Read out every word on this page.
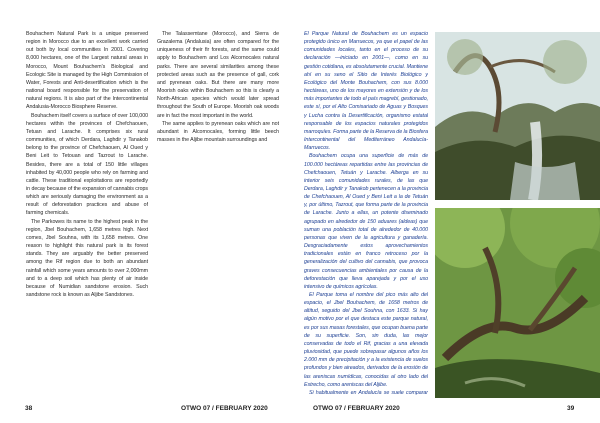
Bouhachem Natural Park is a unique preserved region in Morocco due to an excellent work carried out both by local communities In 2001. Covering 8,000 hectares, one of the Largest natural areas in Morocco, Mount Bouhachem's Biological and Ecologic Site is managed by the High Commission of Water, Forests and Anti-desertification which is the national board responsible for the preservation of natural regions. It is also part of the Intercontinental Andalusia-Morocco Biosphere Reserve.

Bouhachem itself covers a surface of over 100,000 hectares within the provinces of Chefchaouen, Tetuan and Larache. It comprises six rural communities, of which Derdara, Laghdir y Tanakob belong to the province of Chefchaouen, Al Oued y Beni Leit to Tetouan and Tazrout to Larache. Besides, there are a total of 150 little villages inhabited by 40,000 people who rely on farming and cattle. These traditional exploitations are reportedly in decay because of the expansion of cannabis crops which are seriously damaging the environment as a result of deforestation practices and abuse of farming chemicals.

The Parkowes its name to the highest peak in the region, Jbel Bouhachem, 1,658 metres high. Next comes, Jbel Souhna, with its 1,658 metres. One reason to highlight this natural park is its forest stands. They are arguably the better preserved among the Rif region due to both an abundant rainfall which some years amounts to over 2,000mm and to a deep soil which has plenty of air inside because of Numidian sandstone erosion. Such sandstone rock is known as Aljibe Sandstones.

The Talassemtane (Morocco), and Sierra de Grazalema (Andalusia) are often compared for the uniqueness of their fir forests, and the same could apply to Bouhachem and Los Alcornocales natural parks. There are several similarities among these protected areas such as the presence of gall, cork and pyrenean oaks. But there are many more Moorish oaks within Bouhachem so this is clearly a North-African species which would later spread throughout the South of Europe. Moorish oak woods are in fact the most important in the world.

The same applies to pyrenean oaks which are not abundant in Alcornocales, forming little beech masses in the Aljibe mountain surroundings and

38	OTWO 07 / FEBRUARY 2020

El Parque Natural de Bouhachem es un espacio protegido único en Marruecos, ya que el papel de las comunidades locales, tanto en el proceso de su declaración —iniciado en 2001—, como en su gestión cotidiana, es absolutamente crucial. Mantiene ahí en su seno el Sitio de Interés Biológico y Ecológico del Monte Bouhachem, con sus 8.000 hectáreas, uno de los mayores en extensión y de los más importantes de todo el país magrebí, gestionado, este sí, por el Alto Comisariado de Aguas y Bosques y Lucha contra la Desertificación, organismo estatal responsable de los espacios naturales protegidos marroquíes. Forma parte de la Reserva de la Biosfera Intercontinental del Mediterráneo Andalucía-Marruecos.

Bouhachem ocupa una superficie de más de 100.000 hectáreas repartidas entre las provincias de Chefchaouen, Tetuán y Larache. Alberga en su interior seis comunidades rurales, de las que Derdara, Laghdir y Tanakob pertenecen a la provincia de Chefchaouen, Al Oued y Beni Leit a la de Tetuán y, por último, Tazrout, que forma parte de la provincia de Larache. Junto a ellas, un potente diseminado agrupado en alrededor de 150 aduares (aldeas) que suman una población total de alrededor de 40.000 personas que viven de la agricultura y ganadería. Desgraciadamente estos aprovechamientos tradicionales están en franco retroceso por la generalización del cultivo del cannabis, que provoca graves consecuencias ambientales por causa de la deforestación que lleva aparejada y por el uso intensivo de químicos agrícolas.

El Parque toma el nombre del pico más alto del espacio, el Jbel Bouhachem, de 1658 metros de altitud, seguido del Jbel Souhna, con 1633. Si hay algún motivo por el que destaca este parque natural, es por sus masas forestales, que ocupan buena parte de su superficie. Son, sin duda, las mejor conservadas de todo el Rif, gracias a una elevada pluviosidad, que puede sobrepasar algunos años los 2.000 mm de precipitación y a la existencia de suelos profundos y bien aireados, derivados de la erosión de las areniscas numídicas, conocidas al otro lado del Estrecho, como areniscas del Aljibe.

Si habitualmente en Andalucía se suele comparar

OTWO 07 / FEBRUARY 2020	39
